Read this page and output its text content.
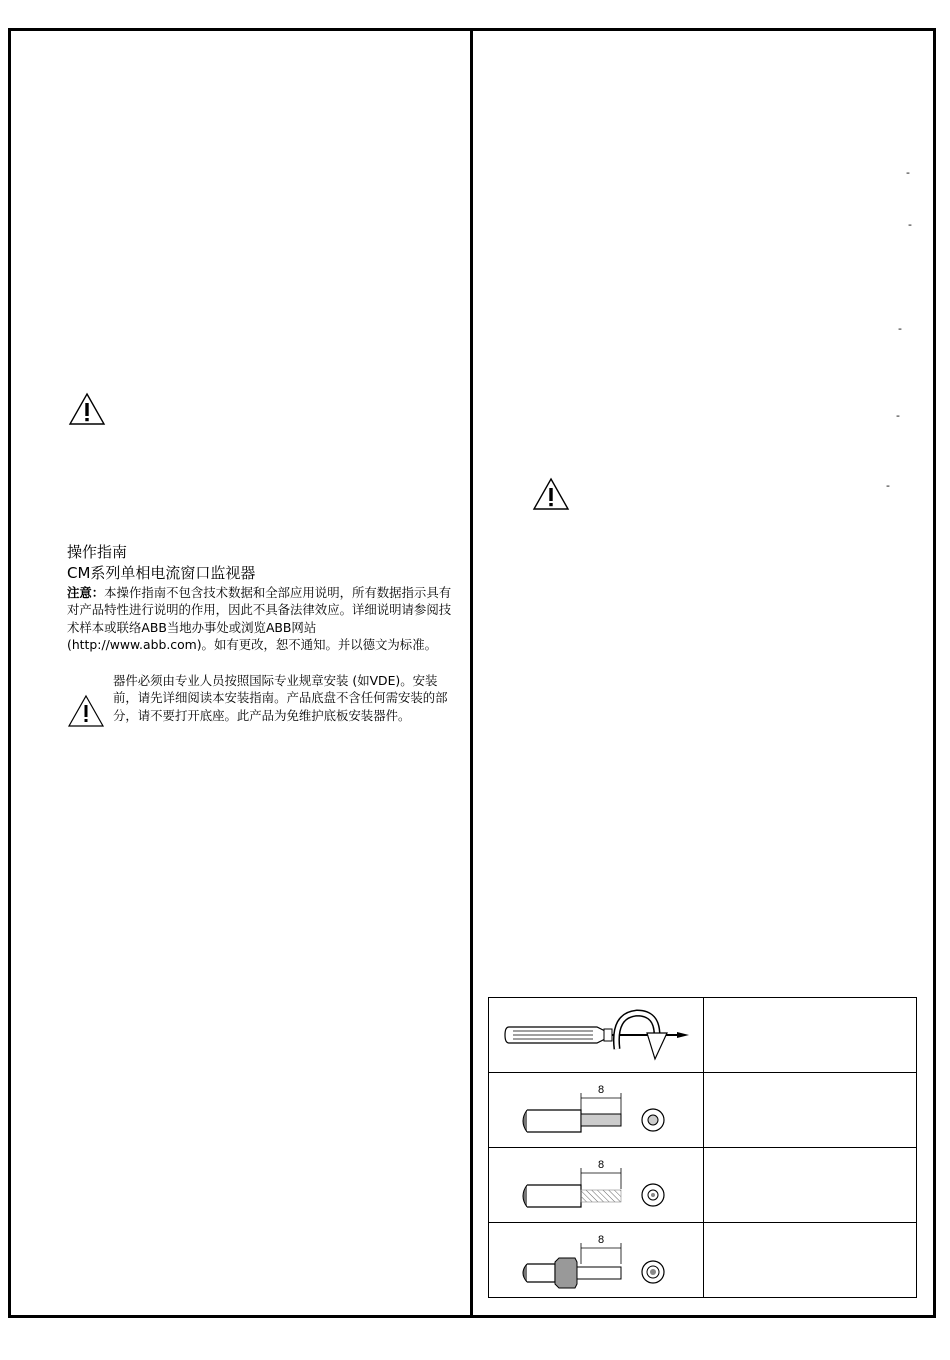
操作指南
CM系列单相电流窗口监视器
注意：本操作指南不包含技术数据和全部应用说明，所有数据指示具有对产品特性进行说明的作用，因此不具备法律效应。详细说明请参阅技术样本或联络ABB当地办事处或浏览ABB网站 (http://www.abb.com)。如有更改，恕不通知。并以德文为标准。
器件必须由专业人员按照国际专业规章安装 (如VDE)。安装前，请先详细阅读本安装指南。产品底盘不含任何需安装的部分，请不要打开底座。此产品为免维护底板安装器件。
-
-
-
-
-

8	

8	

8	
